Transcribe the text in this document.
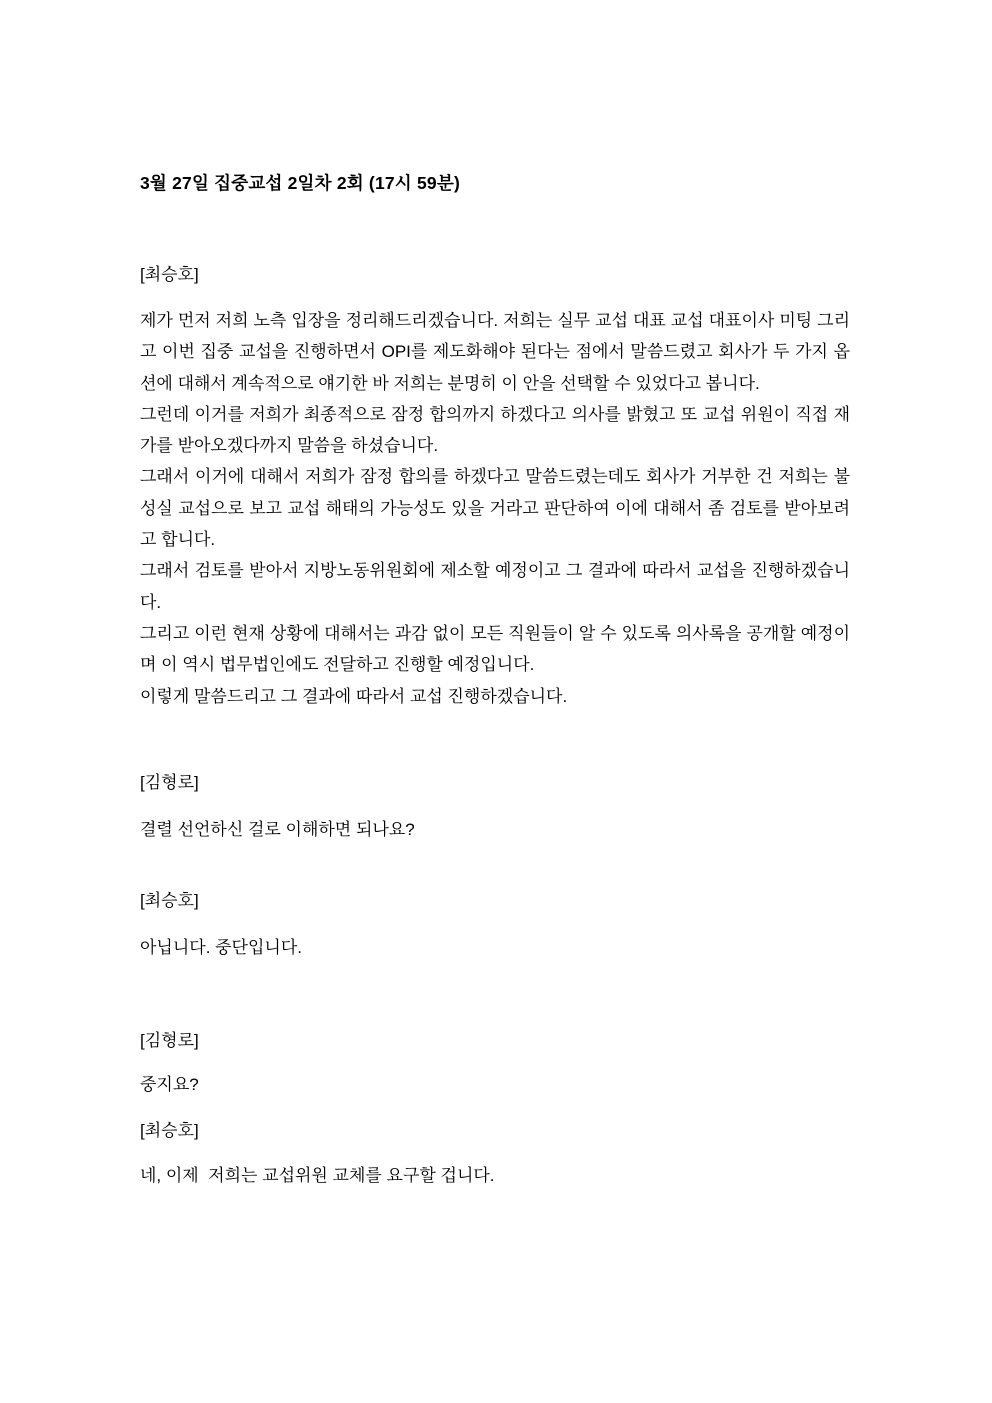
3월 27일 집중교섭 2일차 2회 (17시 59분)
[최승호]

제가 먼저 저희 노측 입장을 정리해드리겠습니다. 저희는 실무 교섭 대표 교섭 대표이사 미팅 그리고 이번 집중 교섭을 진행하면서 OPI를 제도화해야 된다는 점에서 말씀드렸고 회사가 두 가지 옵션에 대해서 계속적으로 얘기한 바 저희는 분명히 이 안을 선택할 수 있었다고 봅니다.

그런데 이거를 저희가 최종적으로 잠정 합의까지 하겠다고 의사를 밝혔고 또 교섭 위원이 직접 재가를 받아오겠다까지 말씀을 하셨습니다.

그래서 이거에 대해서 저희가 잠정 합의를 하겠다고 말씀드렸는데도 회사가 거부한 건 저희는 불성실 교섭으로 보고 교섭 해태의 가능성도 있을 거라고 판단하여 이에 대해서 좀 검토를 받아보려고 합니다.

그래서 검토를 받아서 지방노동위원회에 제소할 예정이고 그 결과에 따라서 교섭을 진행하겠습니다.

그리고 이런 현재 상황에 대해서는 과감 없이 모든 직원들이 알 수 있도록 의사록을 공개할 예정이며 이 역시 법무법인에도 전달하고 진행할 예정입니다.

이렇게 말씀드리고 그 결과에 따라서 교섭 진행하겠습니다.

[김형로]

결렬 선언하신 걸로 이해하면 되나요?

[최승호]

아닙니다. 중단입니다.

[김형로]

중지요?

[최승호]

네, 이제  저희는 교섭위원 교체를 요구할 겁니다.
